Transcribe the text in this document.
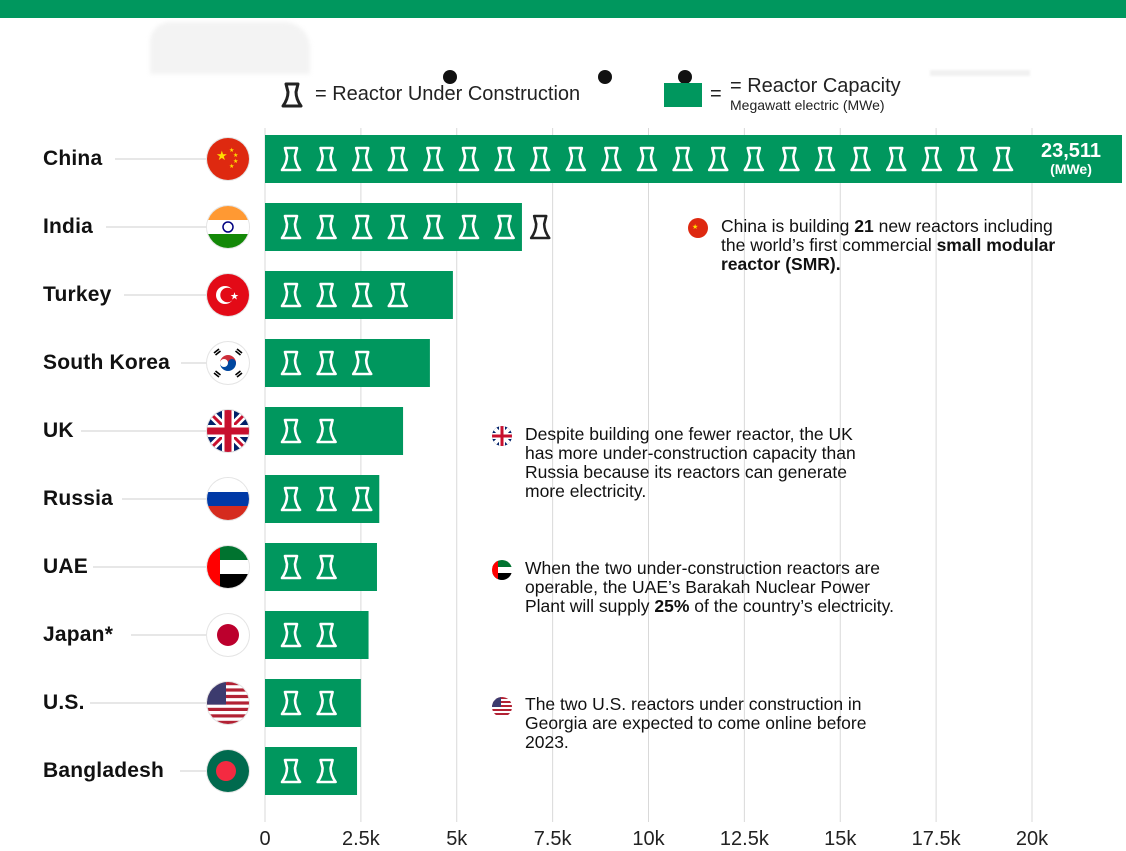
= Reactor Under Construction	= = Reactor Capacity
Megawatt electric (MWe)
0	2.5k	5k	7.5k	10k	12.5k	15k	17.5k	20k
China
India
Turkey
South Korea
UK
Russia
UAE
Japan*
U.S.
Bangladesh
23,511
(MWe)
★ ★
★
★
★
★
★ China is building 21 new reactors including the world’s first commercial small modular reactor (SMR).
Despite building one fewer reactor, the UK has more under-construction capacity than Russia because its reactors can generate more electricity.
When the two under-construction reactors are operable, the UAE’s Barakah Nuclear Power Plant will supply 25% of the country’s electricity.
The two U.S. reactors under construction in Georgia are expected to come online before 2023.
